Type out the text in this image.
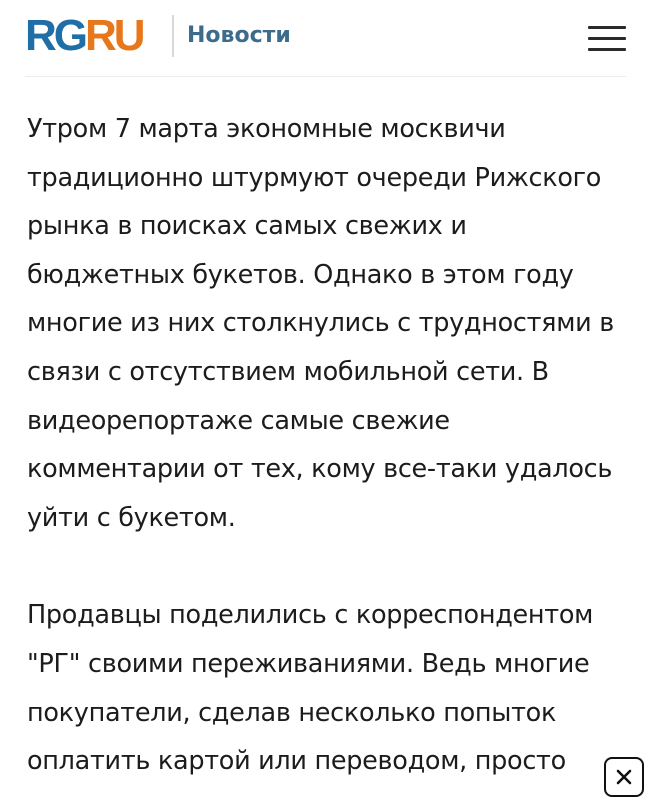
RG RU Новости

Утром 7 марта экономные москвичи традиционно штурмуют очереди Рижского рынка в поисках самых свежих и бюджетных букетов. Однако в этом году многие из них столкнулись с трудностями в связи с отсутствием мобильной сети. В видеорепортаже самые свежие комментарии от тех, кому все-таки удалось уйти с букетом.

Продавцы поделились с корреспондентом "РГ" своими переживаниями. Ведь многие покупатели, сделав несколько попыток оплатить картой или переводом, просто
